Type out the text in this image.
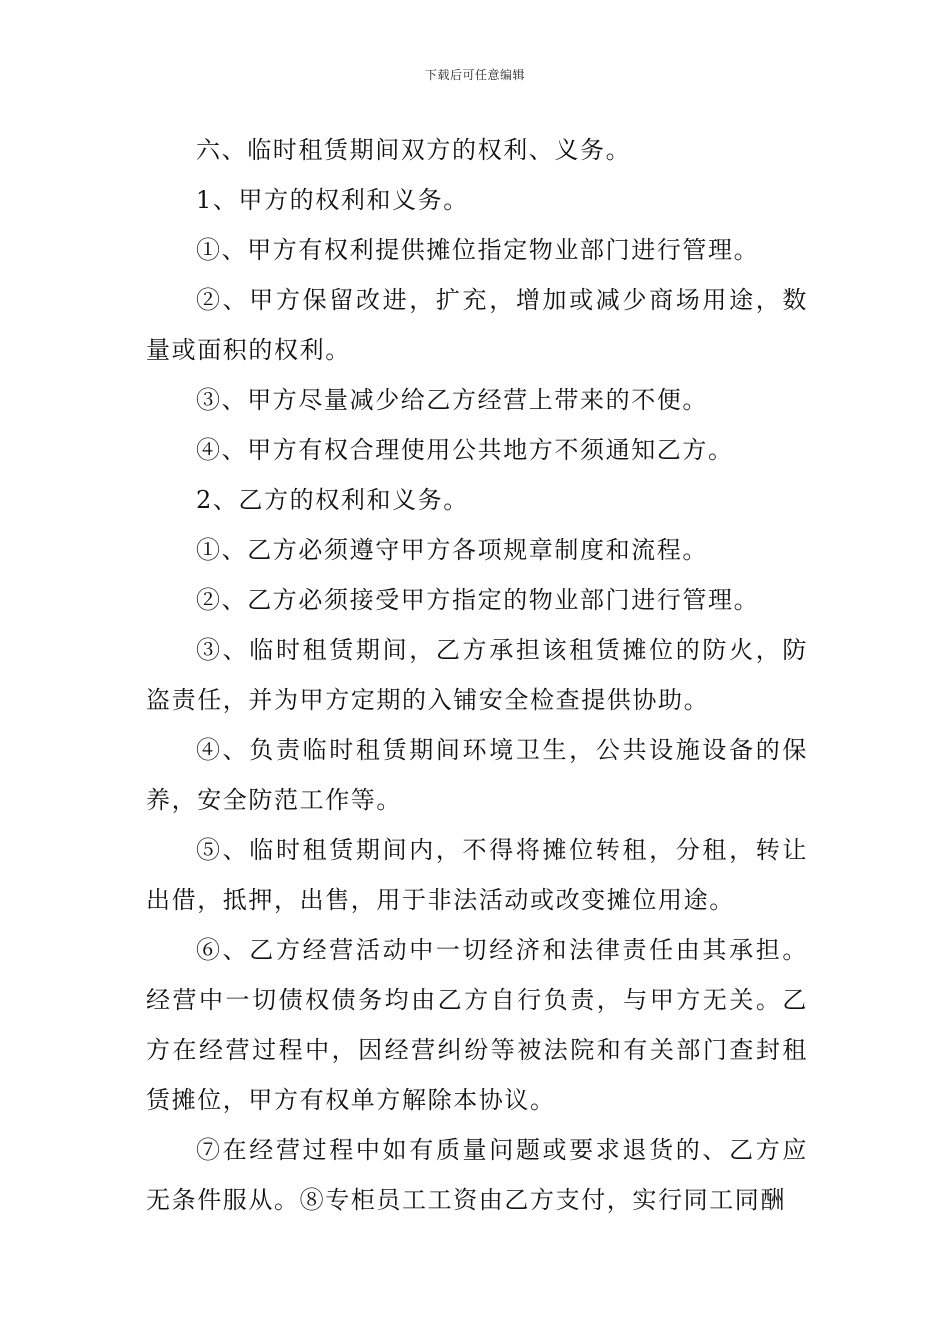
下载后可任意编辑

六、临时租赁期间双方的权利、义务。

1、甲方的权利和义务。

①、甲方有权利提供摊位指定物业部门进行管理。

②、甲方保留改进，扩充，增加或减少商场用途，数量或面积的权利。

③、甲方尽量减少给乙方经营上带来的不便。

④、甲方有权合理使用公共地方不须通知乙方。

2、乙方的权利和义务。

①、乙方必须遵守甲方各项规章制度和流程。

②、乙方必须接受甲方指定的物业部门进行管理。

③、临时租赁期间，乙方承担该租赁摊位的防火，防盗责任，并为甲方定期的入铺安全检查提供协助。

④、负责临时租赁期间环境卫生，公共设施设备的保养，安全防范工作等。

⑤、临时租赁期间内，不得将摊位转租，分租，转让出借，抵押，出售，用于非法活动或改变摊位用途。

⑥、乙方经营活动中一切经济和法律责任由其承担。经营中一切债权债务均由乙方自行负责，与甲方无关。乙方在经营过程中，因经营纠纷等被法院和有关部门查封租赁摊位，甲方有权单方解除本协议。

⑦在经营过程中如有质量问题或要求退货的、乙方应无条件服从。⑧专柜员工工资由乙方支付，实行同工同酬
